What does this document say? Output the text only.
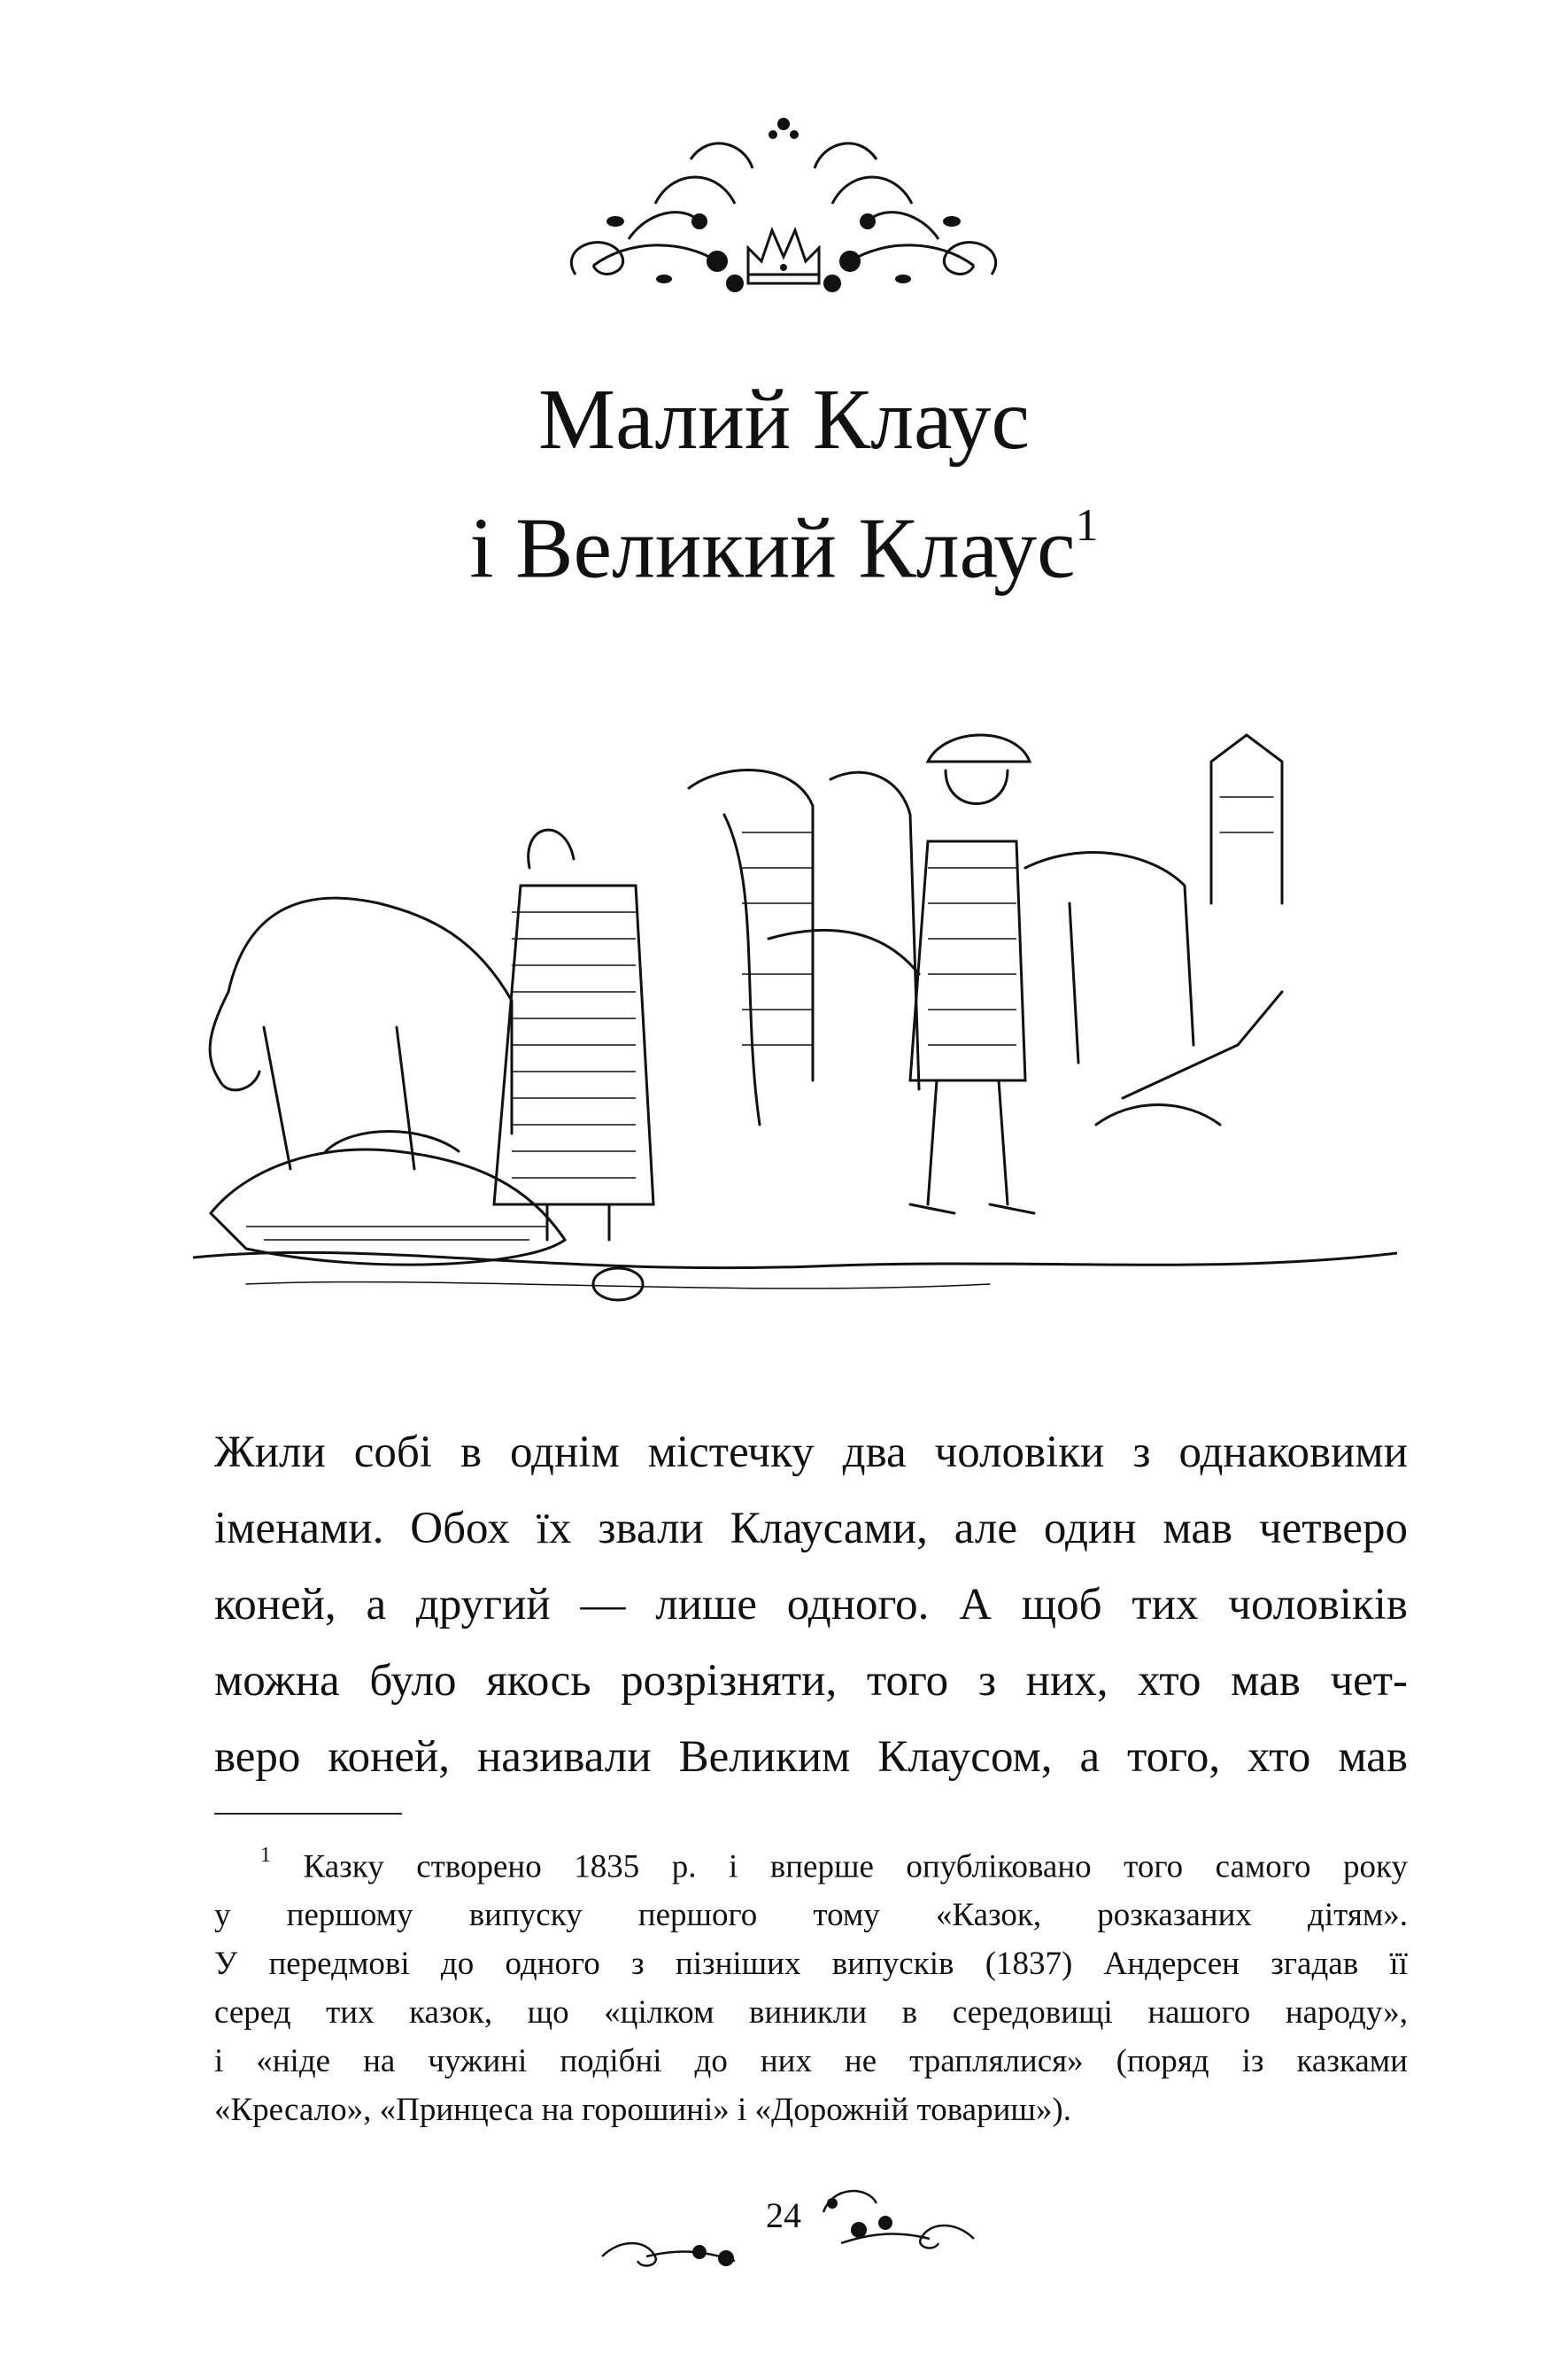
Малий Клаус
і Великий Клаус$^1$
Жили собі в однім містечку два чоловіки з однаковими
іменами. Обох їх звали Клаусами, але один мав четверо
коней, а другий — лише одного. А щоб тих чоловіків
можна було якось розрізняти, того з них, хто мав чет-
веро коней, називали Великим Клаусом, а того, хто мав
$^1$ Казку створено 1835 р. і вперше опубліковано того самого року
у першому випуску першого тому «Казок, розказаних дітям».
У передмові до одного з пізніших випусків (1837) Андерсен згадав її
серед тих казок, що «цілком виникли в середовищі нашого народу»,
і «ніде на чужині подібні до них не траплялися» (поряд із казками
«Кресало», «Принцеса на горошині» і «Дорожній товариш»).
24
